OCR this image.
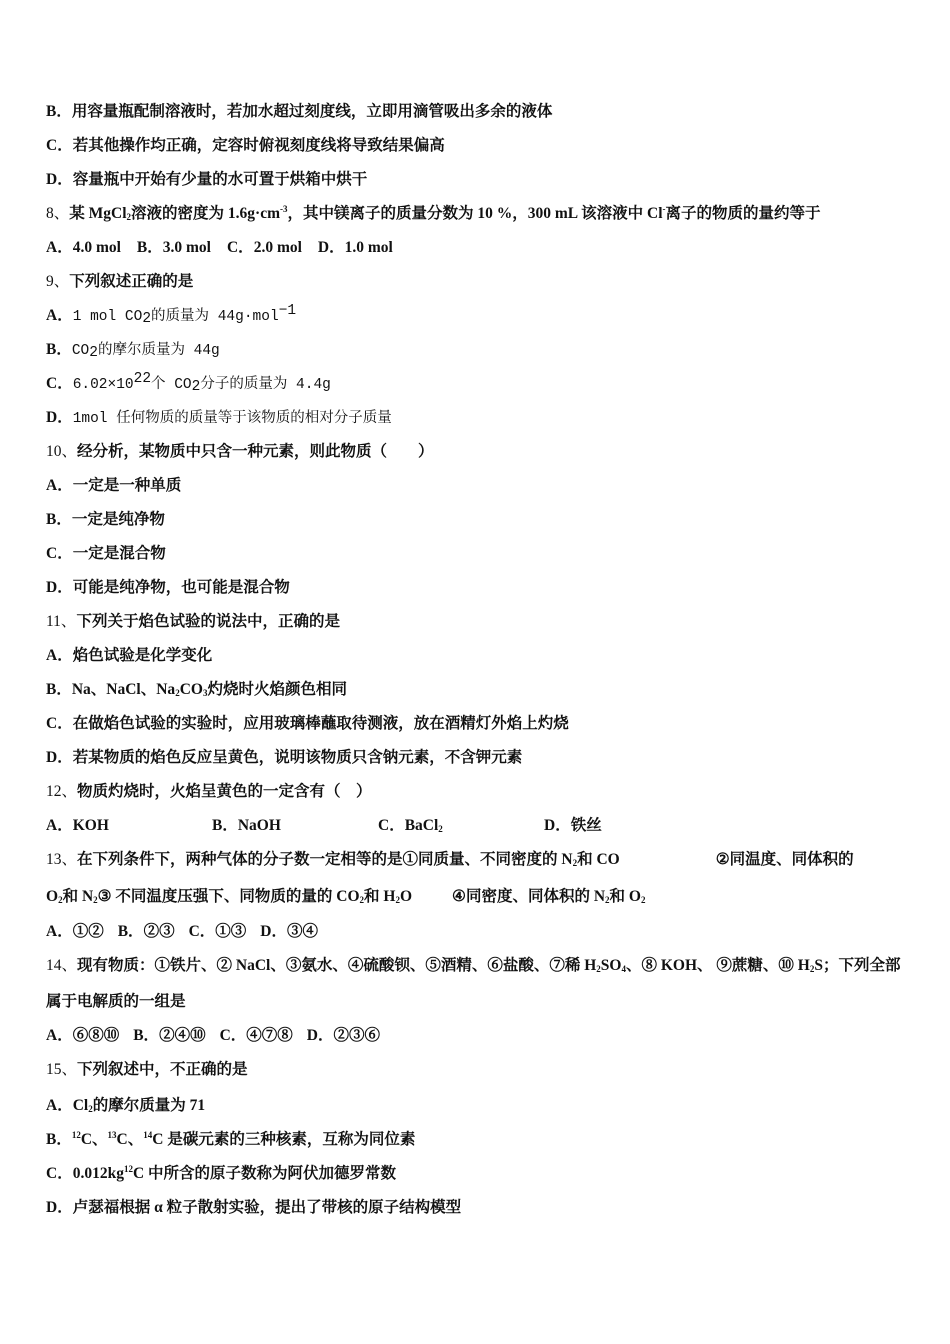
B．用容量瓶配制溶液时，若加水超过刻度线，立即用滴管吸出多余的液体
C．若其他操作均正确，定容时俯视刻度线将导致结果偏高
D．容量瓶中开始有少量的水可置于烘箱中烘干
8、某 MgCl$_2$溶液的密度为 $1.6g\cdot cm^{-3}$，其中镁离子的质量分数为 10 %，300 mL 该溶液中 Cl-离子的物质的量约等于
A．4.0 mol B．3.0 mol C．2.0 mol D．1.0 mol
9、下列叙述正确的是
A．1 mol $CO_2$的质量为 44g·mol$^{-1}$
B．$CO_2$的摩尔质量为 44g
C．$6.02\times 10^{22}$个 $CO_2$分子的质量为 4.4g
D．1mol 任何物质的质量等于该物质的相对分子质量
10、经分析，某物质中只含一种元素，则此物质（　　）
A．一定是一种单质
B．一定是纯净物
C．一定是混合物
D．可能是纯净物，也可能是混合物
11、下列关于焰色试验的说法中，正确的是
A．焰色试验是化学变化
B．Na、NaCl、$Na_2CO_3$灼烧时火焰颜色相同
C．在做焰色试验的实验时，应用玻璃棒蘸取待测液，放在酒精灯外焰上灼烧
D．若某物质的焰色反应呈黄色，说明该物质只含钠元素，不含钾元素
12、物质灼烧时，火焰呈黄色的一定含有（　）
A．KOH	B．NaOH	C．BaCl$_2$	D．铁丝
13、在下列条件下，两种气体的分子数一定相等的是①同质量、不同密度的 $N_2$和 CO	②同温度、同体积的
$O_2$和 $N_2③$ 不同温度压强下、同物质的量的 $CO_2$和 $H_2O$	④同密度、同体积的 $N_2$和 $O_2$
A．①② B．②③ C．①③ D．③④
14、现有物质：①铁片、② NaCl、③氨水、④硫酸钡、⑤酒精、⑥盐酸、⑦稀 $H_2SO_4$、⑧ KOH、 ⑨蔗糖、⑩ $H_2S$；下列全部
属于电解质的一组是
A．⑥⑧⑩ B．②④⑩ C．④⑦⑧ D．②③⑥
15、下列叙述中，不正确的是
A．$Cl_2$的摩尔质量为 71
B．$^{12}$C、$^{13}$C、$^{14}$C 是碳元素的三种核素，互称为同位素
C．$0.012kg^{12}C$ 中所含的原子数称为阿伏加德罗常数
D．卢瑟福根据 α 粒子散射实验，提出了带核的原子结构模型
